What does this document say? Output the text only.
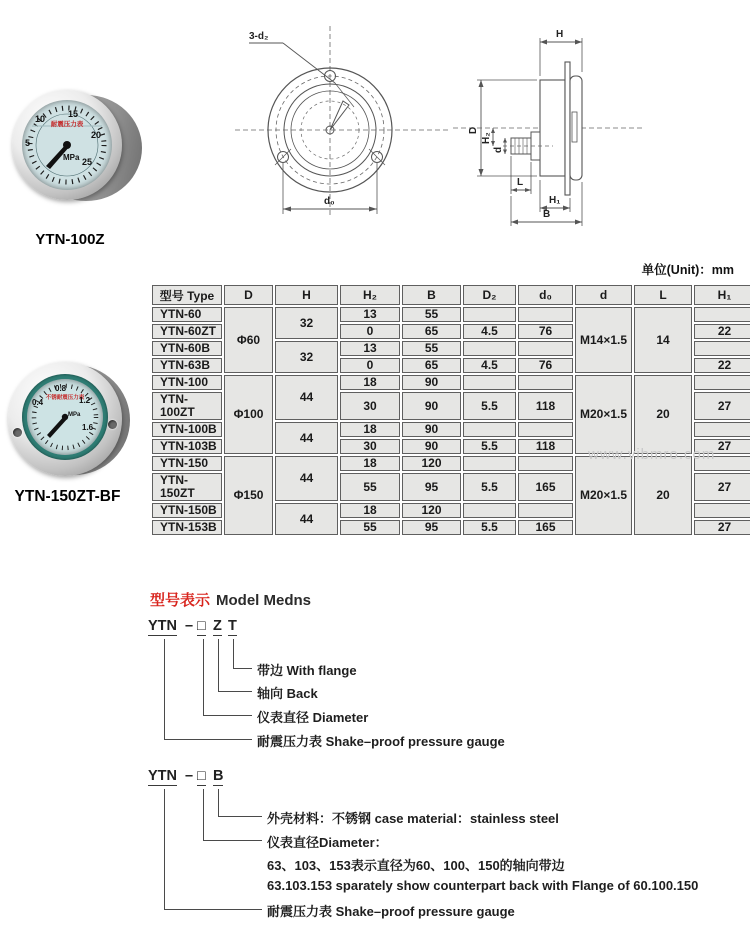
耐震压力表
5
10	15
20
25
MPa
YTN-100Z
不锈耐震压力表
0.4
0.8
1.2
1.6
MPa
YTN-150ZT-BF
3-d₂
d₀
H
D
H₂
d
L
H₁
B
单位(Unit)：mm
www.vibmro.com
型号 Type	D	H	H₂	B	D₂	d₀	d	L	H₁
YTN-60	Φ60	32	13	55			M14×1.5	14	
YTN-60ZT			0	65	4.5	76			22
YTN-60B		32	13	55					
YTN-63B			0	65	4.5	76			22
YTN-100	Φ100	44	18	90			M20×1.5	20	
YTN-100ZT			30	90	5.5	118			27
YTN-100B		44	18	90					
YTN-103B			30	90	5.5	118			27
YTN-150	Φ150	44	18	120			M20×1.5	20	
YTN-150ZT			55	95	5.5	165			27
YTN-150B		44	18	120					
YTN-153B			55	95	5.5	165			27
型号表示 Model Medns
YTN – □ Z T
带边 With flange
轴向 Back
仪表直径 Diameter
耐震压力表 Shake–proof pressure gauge
YTN – □ B
外壳材料：不锈钢 case material：stainless steel
仪表直径Diameter：
63、103、153表示直径为60、100、150的轴向带边
63.103.153 sparately show counterpart back with Flange of 60.100.150
耐震压力表 Shake–proof pressure gauge
